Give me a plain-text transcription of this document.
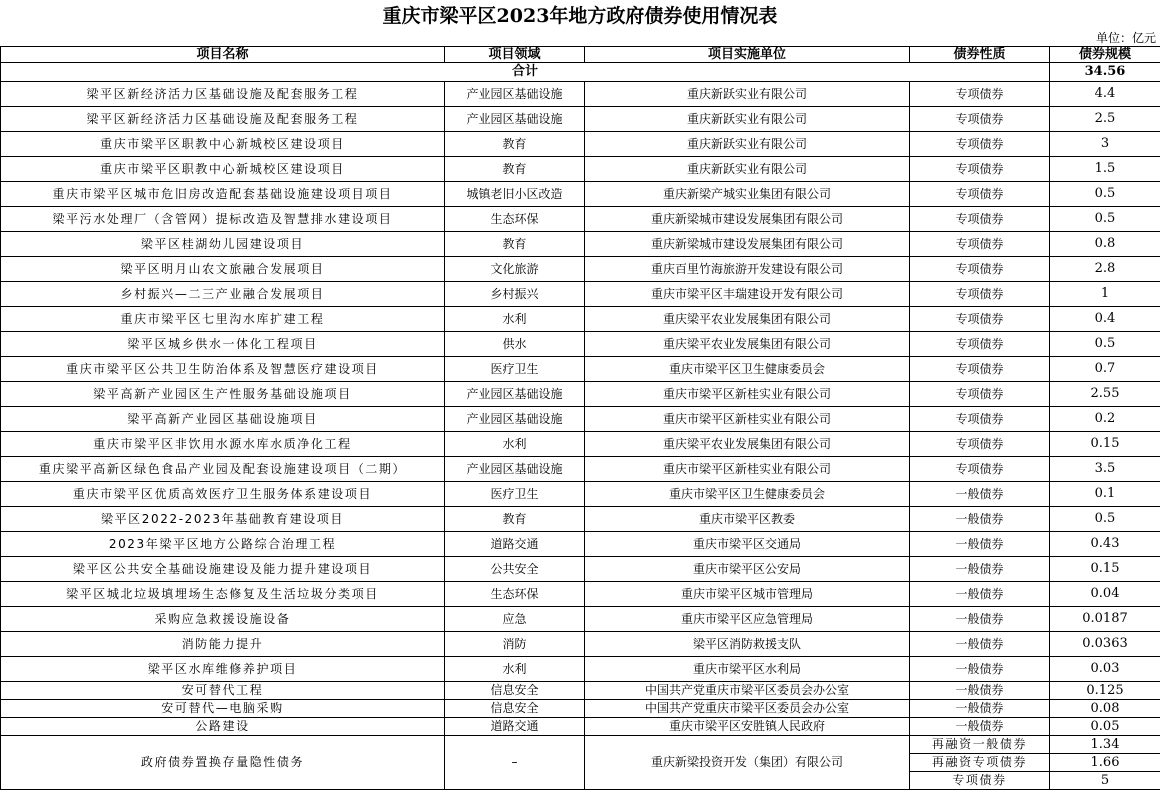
重庆市梁平区2023年地方政府债券使用情况表
单位：亿元
项目名称	项目领域	项目实施单位	债券性质	债券规模
合计				34.56
梁平区新经济活力区基础设施及配套服务工程	产业园区基础设施	重庆新跃实业有限公司	专项债券	4.4
梁平区新经济活力区基础设施及配套服务工程	产业园区基础设施	重庆新跃实业有限公司	专项债券	2.5
重庆市梁平区职教中心新城校区建设项目	教育	重庆新跃实业有限公司	专项债券	3
重庆市梁平区职教中心新城校区建设项目	教育	重庆新跃实业有限公司	专项债券	1.5
重庆市梁平区城市危旧房改造配套基础设施建设项目项目	城镇老旧小区改造	重庆新梁产城实业集团有限公司	专项债券	0.5
梁平污水处理厂（含管网）提标改造及智慧排水建设项目	生态环保	重庆新梁城市建设发展集团有限公司	专项债券	0.5
梁平区桂湖幼儿园建设项目	教育	重庆新梁城市建设发展集团有限公司	专项债券	0.8
梁平区明月山农文旅融合发展项目	文化旅游	重庆百里竹海旅游开发建设有限公司	专项债券	2.8
乡村振兴—二三产业融合发展项目	乡村振兴	重庆市梁平区丰瑞建设开发有限公司	专项债券	1
重庆市梁平区七里沟水库扩建工程	水利	重庆梁平农业发展集团有限公司	专项债券	0.4
梁平区城乡供水一体化工程项目	供水	重庆梁平农业发展集团有限公司	专项债券	0.5
重庆市梁平区公共卫生防治体系及智慧医疗建设项目	医疗卫生	重庆市梁平区卫生健康委员会	专项债券	0.7
梁平高新产业园区生产性服务基础设施项目	产业园区基础设施	重庆市梁平区新桂实业有限公司	专项债券	2.55
梁平高新产业园区基础设施项目	产业园区基础设施	重庆市梁平区新桂实业有限公司	专项债券	0.2
重庆市梁平区非饮用水源水库水质净化工程	水利	重庆梁平农业发展集团有限公司	专项债券	0.15
重庆梁平高新区绿色食品产业园及配套设施建设项目（二期）	产业园区基础设施	重庆市梁平区新桂实业有限公司	专项债券	3.5
重庆市梁平区优质高效医疗卫生服务体系建设项目	医疗卫生	重庆市梁平区卫生健康委员会	一般债券	0.1
梁平区2022-2023年基础教育建设项目	教育	重庆市梁平区教委	一般债券	0.5
2023年梁平区地方公路综合治理工程	道路交通	重庆市梁平区交通局	一般债券	0.43
梁平区公共安全基础设施建设及能力提升建设项目	公共安全	重庆市梁平区公安局	一般债券	0.15
梁平区城北垃圾填埋场生态修复及生活垃圾分类项目	生态环保	重庆市梁平区城市管理局	一般债券	0.04
采购应急救援设施设备	应急	重庆市梁平区应急管理局	一般债券	0.0187
消防能力提升	消防	梁平区消防救援支队	一般债券	0.0363
梁平区水库维修养护项目	水利	重庆市梁平区水利局	一般债券	0.03
安可替代工程	信息安全	中国共产党重庆市梁平区委员会办公室	一般债券	0.125
安可替代—电脑采购	信息安全	中国共产党重庆市梁平区委员会办公室	一般债券	0.08
公路建设	道路交通	重庆市梁平区安胜镇人民政府	一般债券	0.05
政府债券置换存量隐性债务	–	重庆新梁投资开发（集团）有限公司	再融资一般债券	1.34
			再融资专项债券	1.66
			专项债券	5
